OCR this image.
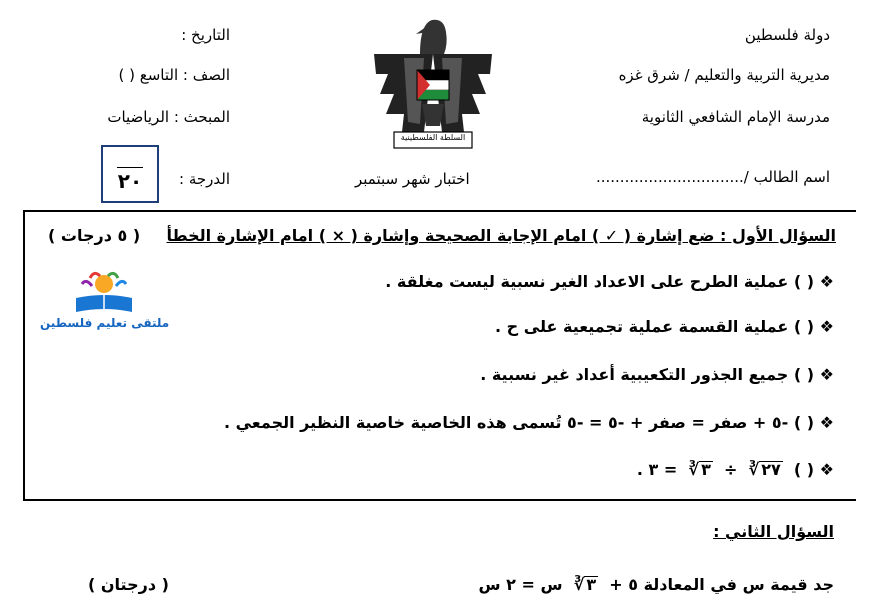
دولة فلسطين
مديرية التربية والتعليم / شرق غزه
مدرسة الإمام الشافعي الثانوية
اسم الطالب /...............................
التاريخ :
الصف : التاسع ( )
المبحث : الرياضيات
الدرجة :	اختبار شهر سبتمبر
٢٠
السلطة الفلسطينية
السؤال الأول : ضع إشارة ( ✓ ) امام الإجابة الصحيحة وإشارة ( × ) امام الإشارة الخطأ
( ٥ درجات )
❖ ( ) عملية الطرح على الاعداد الغير نسبية ليست مغلقة .
❖ ( ) عملية القسمة عملية تجميعية على ح .
❖ ( ) جميع الجذور التكعيبية أعداد غير نسبية .
❖ ( ) -٥ + صفر = صفر + -٥ = -٥ تُسمى هذه الخاصية خاصية النظير الجمعي .
❖ ( )  ٢٧∛  ÷  ٣∛  = ٣ .
ملتقى تعليم فلسطين
السؤال الثاني :
( درجتان )	جد قيمة س في المعادلة ٥ +  ٣∛  س = ٢ س
